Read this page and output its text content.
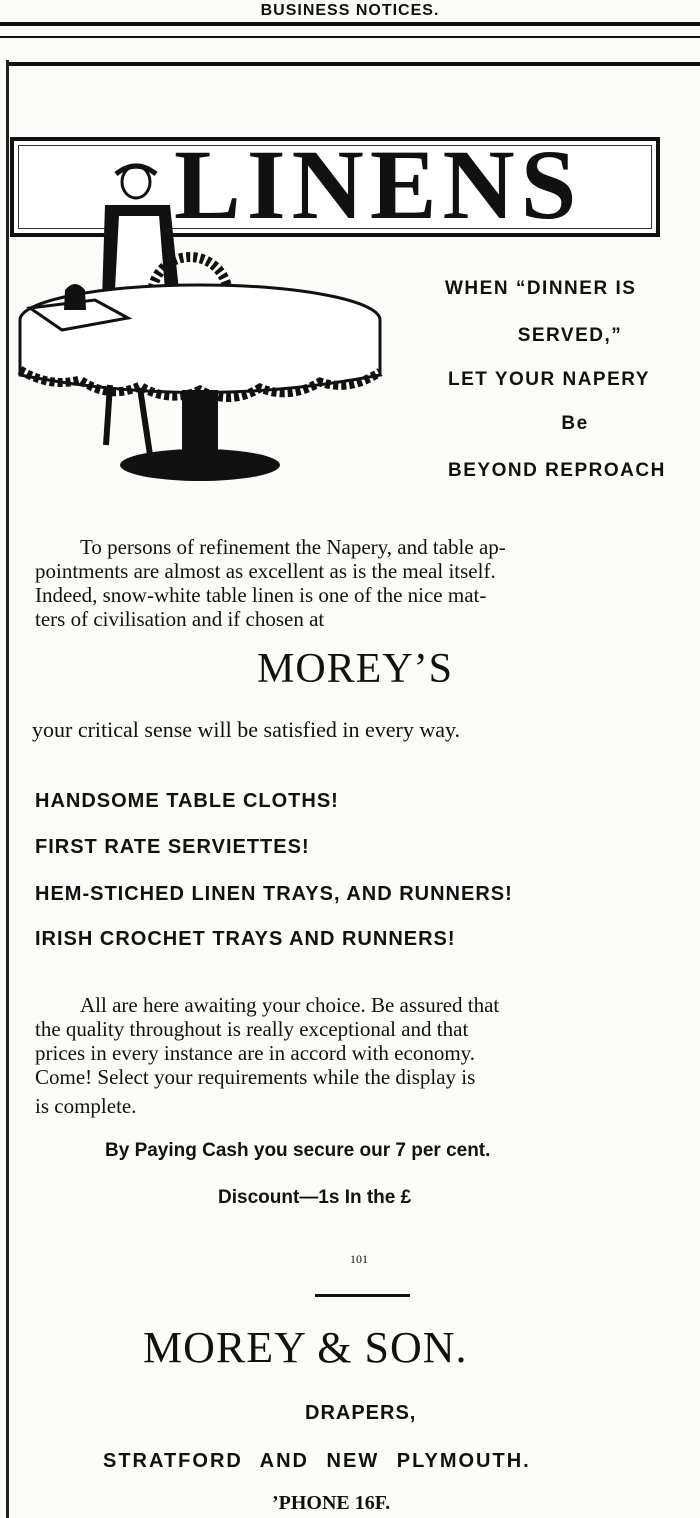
BUSINESS NOTICES.
LINENS
WHEN “DINNER IS
SERVED,”
LET YOUR NAPERY
Be
BEYOND REPROACH
To persons of refinement the Napery, and table ap-
pointments are almost as excellent as is the meal itself.
Indeed, snow-white table linen is one of the nice mat-
ters of civilisation and if chosen at
MOREY’S
your critical sense will be satisfied in every way.
HANDSOME TABLE CLOTHS!
FIRST RATE SERVIETTES!
HEM-STICHED LINEN TRAYS, AND RUNNERS!
IRISH CROCHET TRAYS AND RUNNERS!
All are here awaiting your choice. Be assured that
the quality throughout is really exceptional and that
prices in every instance are in accord with economy.
Come! Select your requirements while the display is
is complete.
By Paying Cash you secure our 7 per cent.
Discount—1s In the £
101
MOREY & SON.
DRAPERS,
STRATFORD AND NEW PLYMOUTH.
’PHONE 16F.
